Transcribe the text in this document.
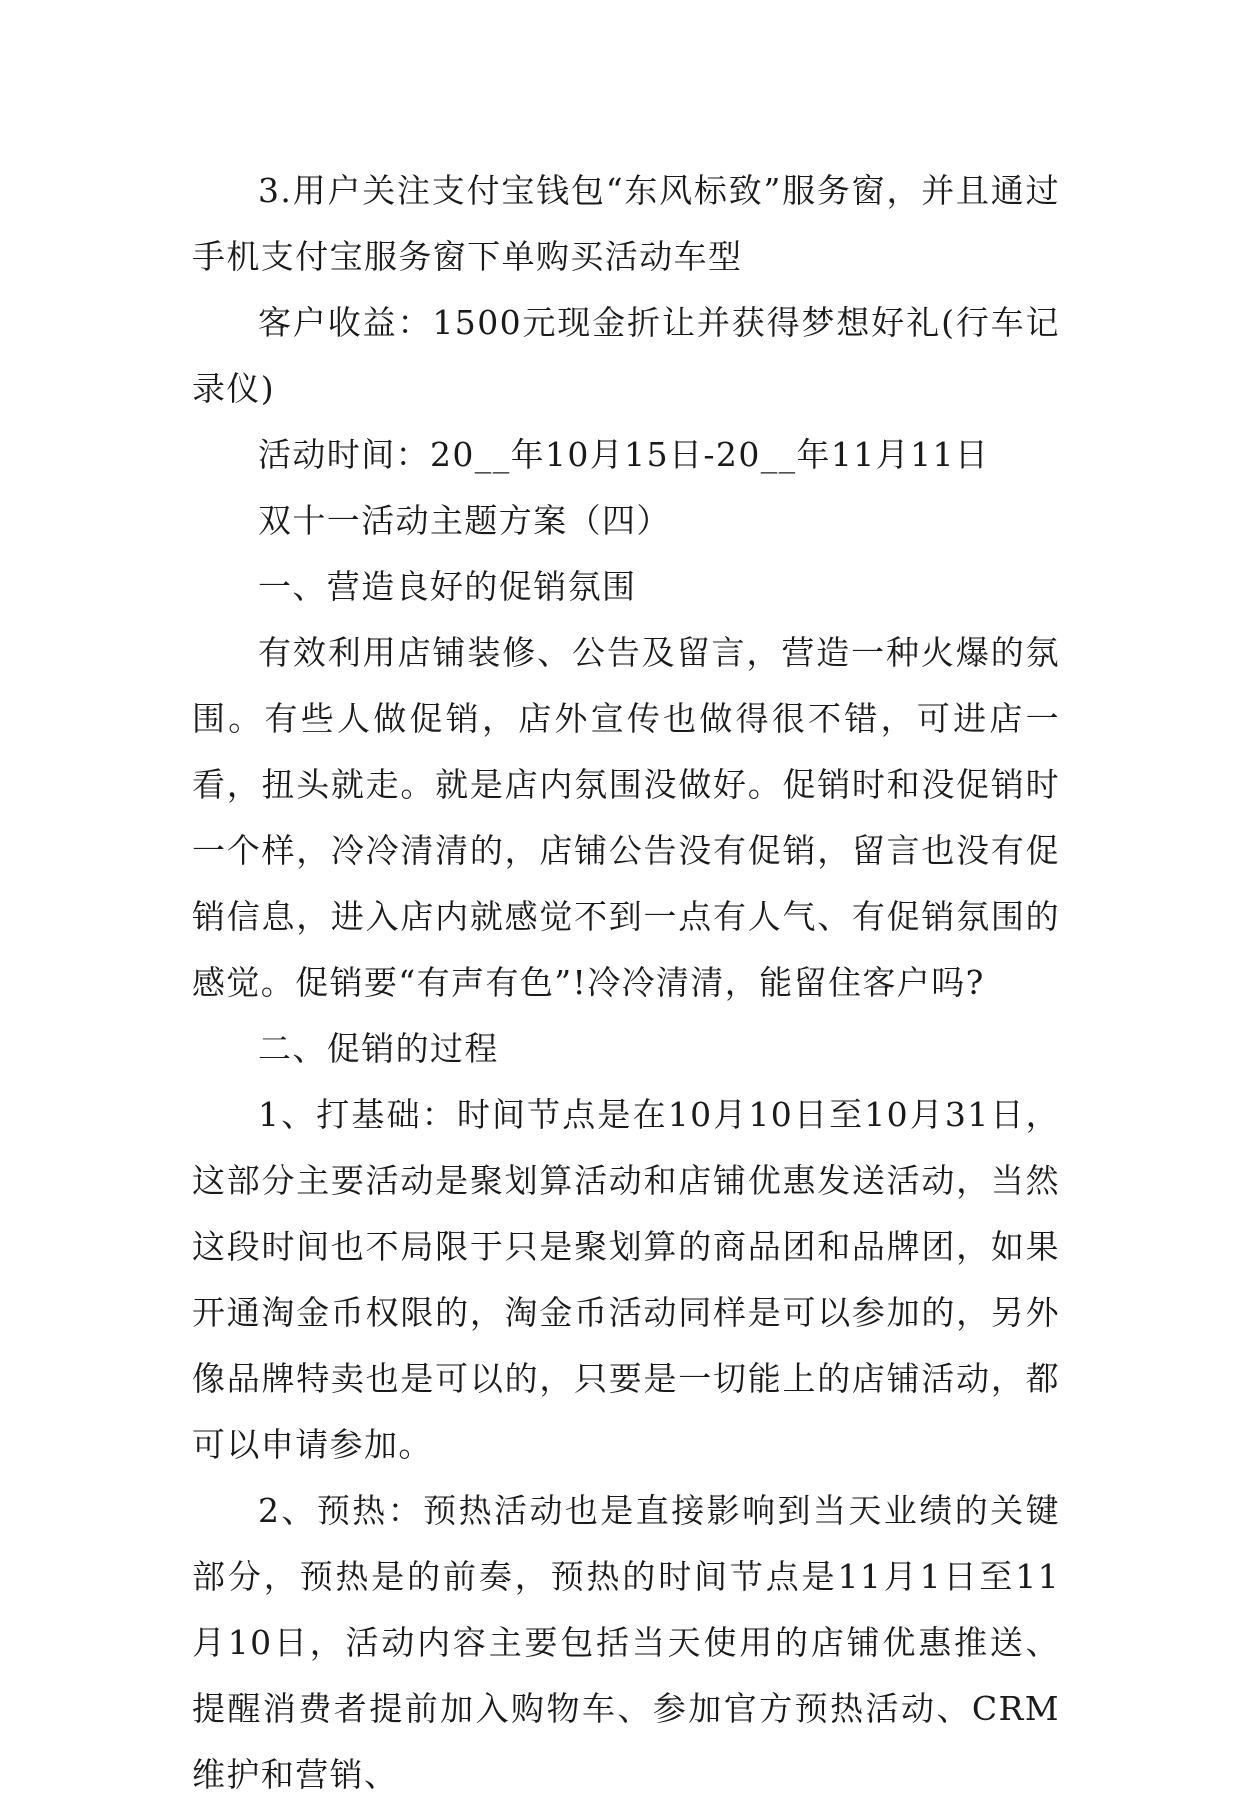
3.用户关注支付宝钱包“东风标致”服务窗，并且通过手机支付宝服务窗下单购买活动车型

客户收益：1500元现金折让并获得梦想好礼(行车记录仪)

活动时间：20__年10月15日-20__年11月11日

双十一活动主题方案（四）

一、营造良好的促销氛围

有效利用店铺装修、公告及留言，营造一种火爆的氛围。有些人做促销，店外宣传也做得很不错，可进店一看，扭头就走。就是店内氛围没做好。促销时和没促销时一个样，冷冷清清的，店铺公告没有促销，留言也没有促销信息，进入店内就感觉不到一点有人气、有促销氛围的感觉。促销要“有声有色”!冷冷清清，能留住客户吗?

二、促销的过程

1、打基础：时间节点是在10月10日至10月31日，这部分主要活动是聚划算活动和店铺优惠发送活动，当然这段时间也不局限于只是聚划算的商品团和品牌团，如果开通淘金币权限的，淘金币活动同样是可以参加的，另外像品牌特卖也是可以的，只要是一切能上的店铺活动，都可以申请参加。

2、预热：预热活动也是直接影响到当天业绩的关键部分，预热是的前奏，预热的时间节点是11月1日至11月10日，活动内容主要包括当天使用的店铺优惠推送、提醒消费者提前加入购物车、参加官方预热活动、CRM维护和营销、
